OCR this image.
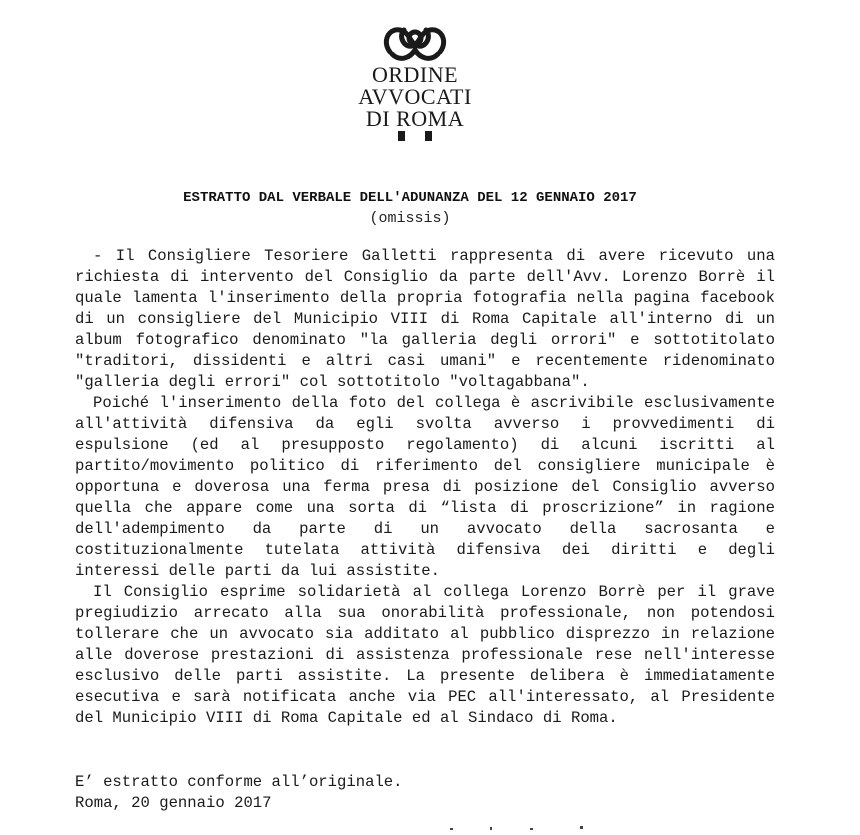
ORDINE
AVVOCATI
DI ROMA
ESTRATTO DAL VERBALE DELL'ADUNANZA DEL 12 GENNAIO 2017
(omissis)

- Il Consigliere Tesoriere Galletti rappresenta di avere ricevuto una richiesta di intervento del Consiglio da parte dell'Avv. Lorenzo Borrè il quale lamenta l'inserimento della propria fotografia nella pagina facebook di un consigliere del Municipio VIII di Roma Capitale all'interno di un album fotografico denominato "la galleria degli orrori" e sottotitolato "traditori, dissidenti e altri casi umani" e recentemente ridenominato "galleria degli errori" col sottotitolo "voltagabbana".

Poiché l'inserimento della foto del collega è ascrivibile esclusivamente all'attività difensiva da egli svolta avverso i provvedimenti di espulsione (ed al presupposto regolamento) di alcuni iscritti al partito/movimento politico di riferimento del consigliere municipale è opportuna e doverosa una ferma presa di posizione del Consiglio avverso quella che appare come una sorta di “lista di proscrizione” in ragione dell'adempimento da parte di un avvocato della sacrosanta e costituzionalmente tutelata attività difensiva dei diritti e degli interessi delle parti da lui assistite.

Il Consiglio esprime solidarietà al collega Lorenzo Borrè per il grave pregiudizio arrecato alla sua onorabilità professionale, non potendosi tollerare che un avvocato sia additato al pubblico disprezzo in relazione alle doverose prestazioni di assistenza professionale rese nell'interesse esclusivo delle parti assistite. La presente delibera è immediatamente esecutiva e sarà notificata anche via PEC all'interessato, al Presidente del Municipio VIII di Roma Capitale ed al Sindaco di Roma.

E’ estratto conforme all’originale.
Roma, 20 gennaio 2017
